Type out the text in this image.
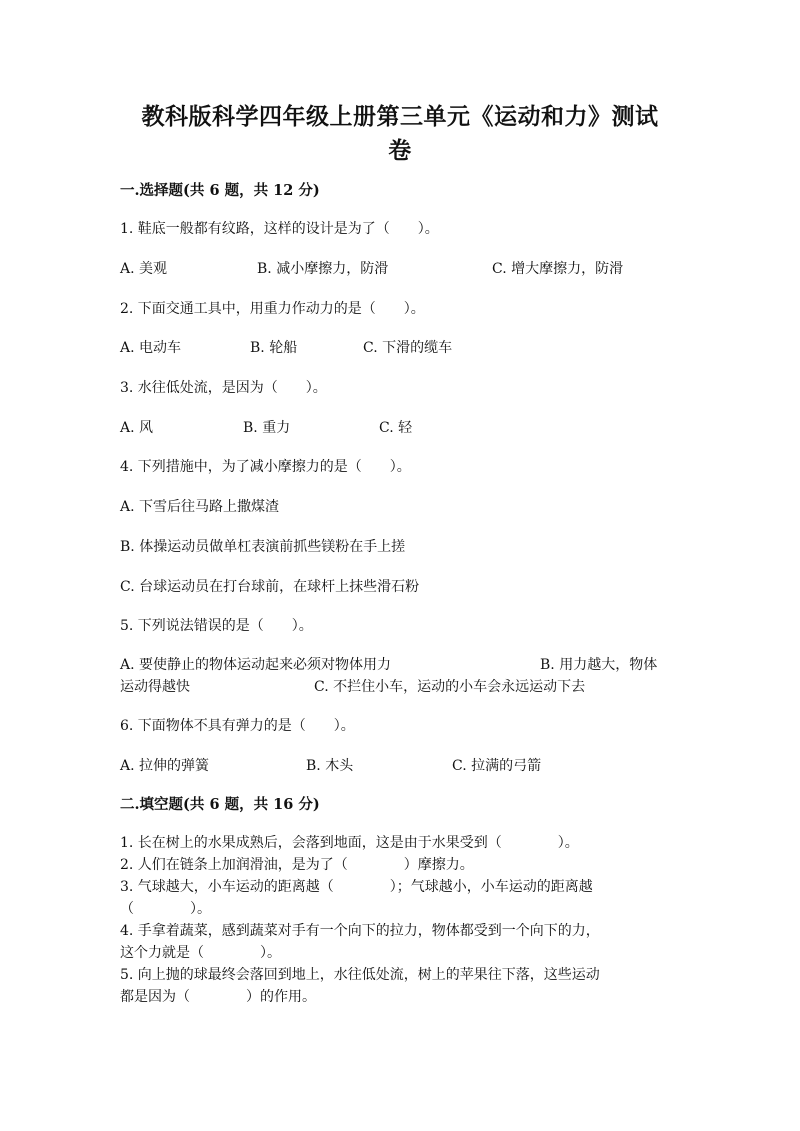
教科版科学四年级上册第三单元《运动和力》测试
卷
一.选择题(共 6 题，共 12 分)
1. 鞋底一般都有纹路，这样的设计是为了（　　）。
A. 美观	B. 减小摩擦力，防滑	C. 增大摩擦力，防滑
2. 下面交通工具中，用重力作动力的是（　　）。
A. 电动车	B. 轮船	C. 下滑的缆车
3. 水往低处流，是因为（　　）。
A. 风	B. 重力	C. 轻
4. 下列措施中，为了减小摩擦力的是（　　）。
A. 下雪后往马路上撒煤渣
B. 体操运动员做单杠表演前抓些镁粉在手上搓
C. 台球运动员在打台球前，在球杆上抹些滑石粉
5. 下列说法错误的是（　　）。
A. 要使静止的物体运动起来必须对物体用力	B. 用力越大，物体
运动得越快	C. 不拦住小车，运动的小车会永远运动下去
6. 下面物体不具有弹力的是（　　）。
A. 拉伸的弹簧	B. 木头	C. 拉满的弓箭
二.填空题(共 6 题，共 16 分)
1. 长在树上的水果成熟后，会落到地面，这是由于水果受到（　　　　）。
2. 人们在链条上加润滑油，是为了（　　　　）摩擦力。
3. 气球越大，小车运动的距离越（　　　　）；气球越小，小车运动的距离越
（　　　　）。
4. 手拿着蔬菜，感到蔬菜对手有一个向下的拉力，物体都受到一个向下的力，
这个力就是（　　　　）。
5. 向上抛的球最终会落回到地上，水往低处流，树上的苹果往下落，这些运动
都是因为（　　　　）的作用。
